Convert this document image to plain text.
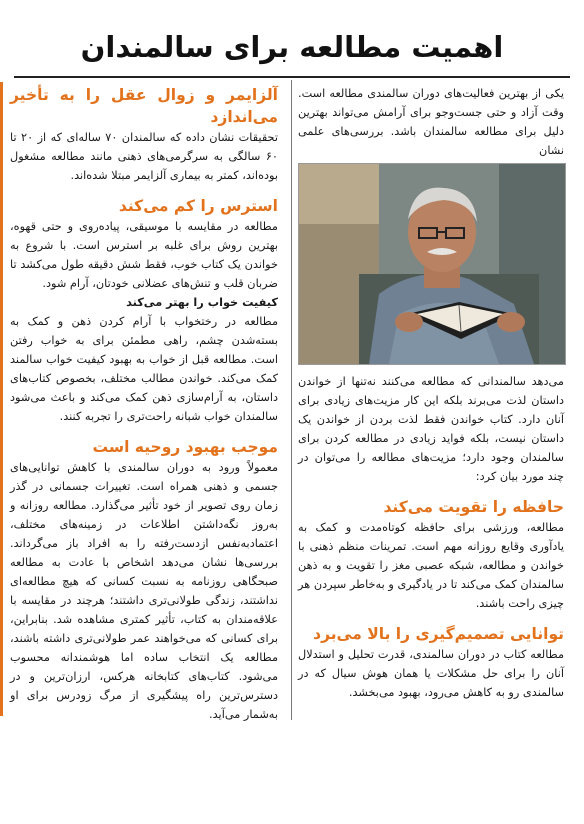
اهمیت مطالعه برای سالمندان

یکی از بهترین فعالیت‌های دوران سالمندی مطالعه است. وقت آزاد و حتی جست‌وجو برای آرامش می‌تواند بهترین دلیل برای مطالعه سالمندان باشد. بررسی‌های علمی نشان

می‌دهد سالمندانی که مطالعه می‌کنند نه‌تنها از خواندن داستان لذت می‌برند بلکه این کار مزیت‌های زیادی برای آنان دارد. کتاب خواندن فقط لذت بردن از خواندن یک داستان نیست، بلکه فواید زیادی در مطالعه کردن برای سالمندان وجود دارد؛ مزیت‌های مطالعه را می‌توان در چند مورد بیان کرد:

حافظه را تقویت می‌کند

مطالعه، ورزشی برای حافظه کوتاه‌مدت و کمک به یادآوری وقایع روزانه مهم است. تمرینات منظم ذهنی با خواندن و مطالعه، شبکه عصبی مغز را تقویت و به ذهن سالمندان کمک می‌کند تا در یادگیری و به‌خاطر سپردن هر چیزی راحت باشند.

توانایی تصمیم‌گیری را بالا می‌برد

مطالعه کتاب در دوران سالمندی، قدرت تحلیل و استدلال آنان را برای حل مشکلات یا همان هوش سیال که در سالمندی رو به کاهش می‌رود، بهبود می‌بخشد.

آلزایمر و زوال عقل را به تأخیر می‌اندازد

تحقیقات نشان داده که سالمندان ۷۰ ساله‌ای که از ۲۰ تا ۶۰ سالگی به سرگرمی‌های ذهنی مانند مطالعه مشغول بوده‌اند، کمتر به بیماری آلزایمر مبتلا شده‌اند.

استرس را کم می‌کند

مطالعه در مقایسه با موسیقی، پیاده‌روی و حتی قهوه، بهترین روش برای غلبه بر استرس است. با شروع به خواندن یک کتاب خوب، فقط شش دقیقه طول می‌کشد تا ضربان قلب و تنش‌های عضلانی خودتان، آرام شود.

کیفیت خواب را بهتر می‌کند

مطالعه در رختخواب با آرام کردن ذهن و کمک به بسته‌شدن چشم، راهی مطمئن برای به خواب رفتن است. مطالعه قبل از خواب به بهبود کیفیت خواب سالمند کمک می‌کند. خواندن مطالب مختلف، بخصوص کتاب‌های داستان، به آرام‌سازی ذهن کمک می‌کند و باعث می‌شود سالمندان خواب شبانه راحت‌تری را تجربه کنند.

موجب بهبود روحیه است

معمولاً ورود به دوران سالمندی با کاهش توانایی‌های جسمی و ذهنی همراه است. تغییرات جسمانی در گذر زمان روی تصویر از خود تأثیر می‌گذارد. مطالعه روزانه و به‌روز نگه‌داشتن اطلاعات در زمینه‌های مختلف، اعتمادبه‌نفس ازدست‌رفته را به افراد باز می‌گرداند. بررسی‌ها نشان می‌دهد اشخاص با عادت به مطالعه صبحگاهی روزنامه به نسبت کسانی که هیچ مطالعه‌ای نداشتند، زندگی طولانی‌تری داشتند؛ هرچند در مقایسه با علاقه‌مندان به کتاب، تأثیر کمتری مشاهده شد. بنابراین، برای کسانی که می‌خواهند عمر طولانی‌تری داشته باشند، مطالعه یک انتخاب ساده اما هوشمندانه محسوب می‌شود. کتاب‌های کتابخانه هرکس، ارزان‌ترین و در دسترس‌ترین راه پیشگیری از مرگ زودرس برای او به‌شمار می‌آید.
